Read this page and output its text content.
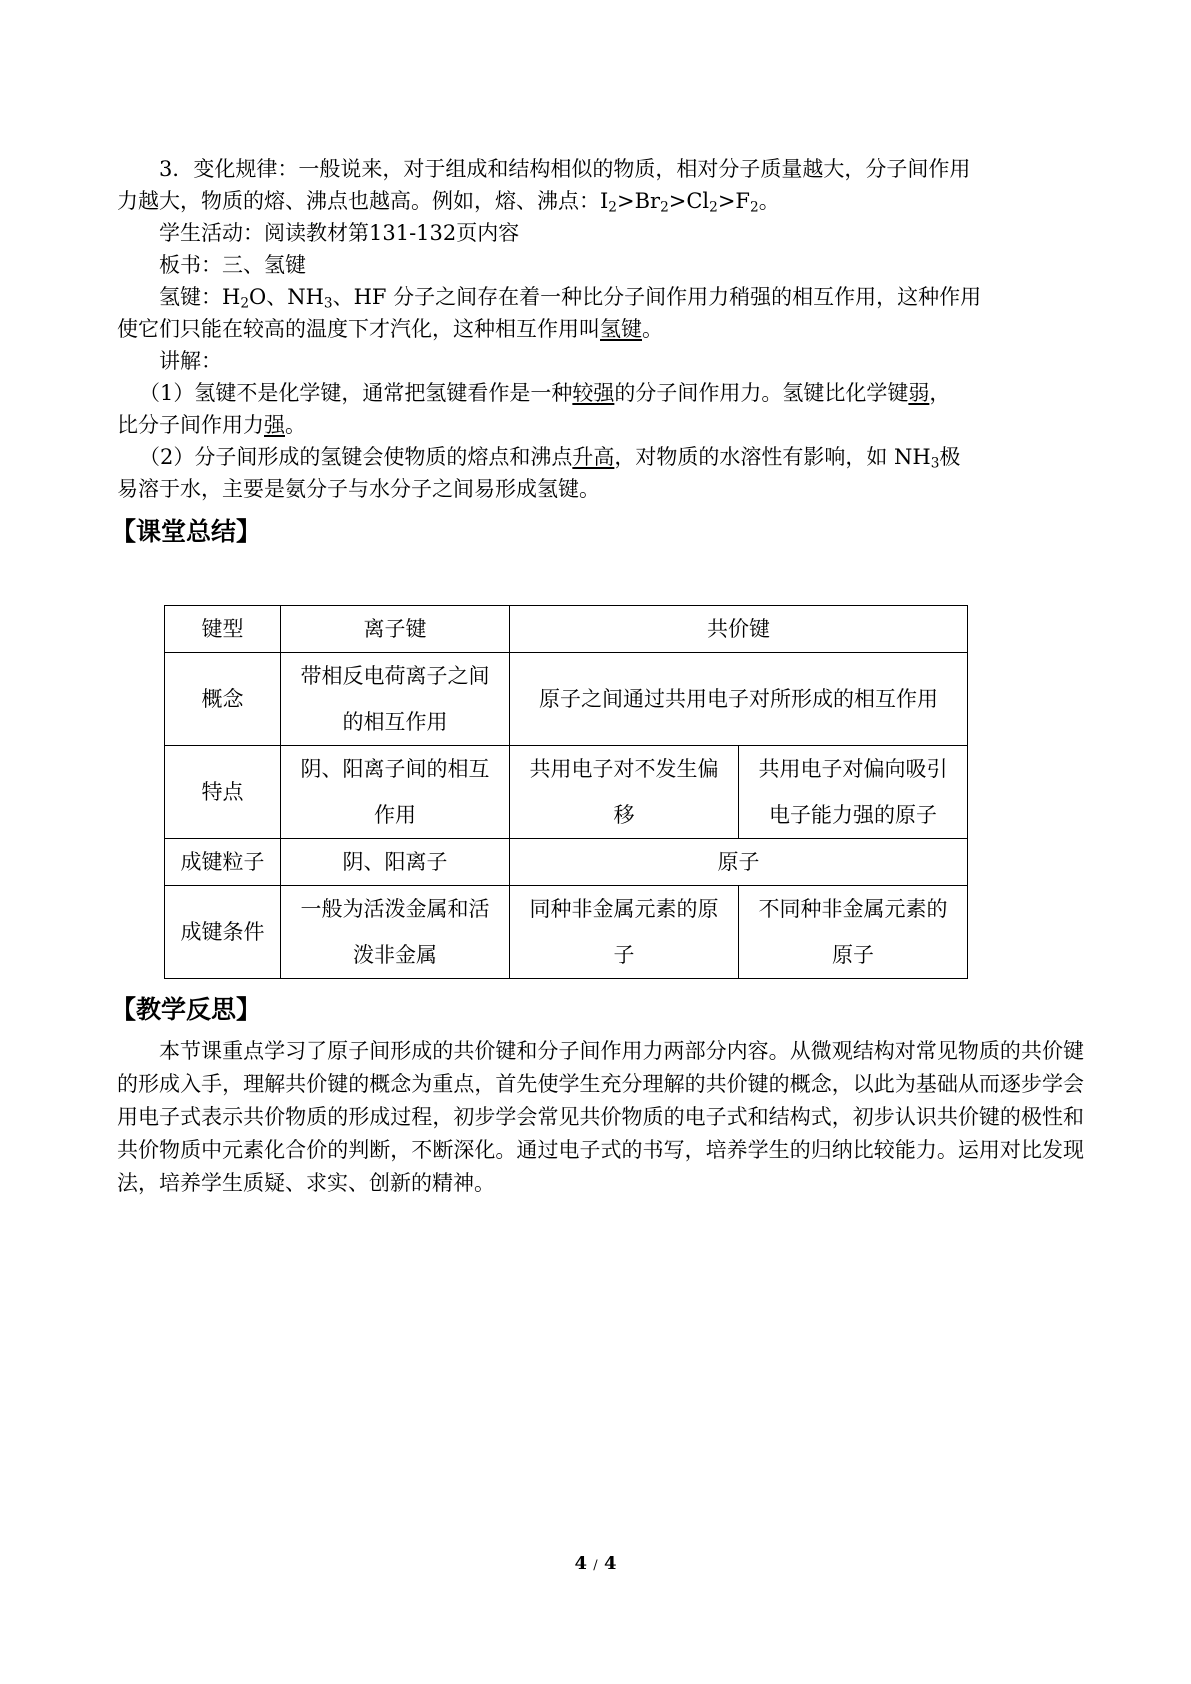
3．变化规律：一般说来，对于组成和结构相似的物质，相对分子质量越大，分子间作用
力越大，物质的熔、沸点也越高。例如，熔、沸点：$I_2>Br_2>Cl_2>F_2$。

学生活动：阅读教材第131-132页内容

板书：三、氢键

氢键：$H_2O$、$NH_3$、HF 分子之间存在着一种比分子间作用力稍强的相互作用，这种作用
使它们只能在较高的温度下才汽化，这种相互作用叫氢键。

讲解：

（1）氢键不是化学键，通常把氢键看作是一种较强的分子间作用力。氢键比化学键弱，

比分子间作用力强。

（2）分子间形成的氢键会使物质的熔点和沸点升高，对物质的水溶性有影响，如 $NH_3$极

易溶于水，主要是氨分子与水分子之间易形成氢键。

【课堂总结】

键型	离子键	共价键	
概念	带相反电荷离子之间的相互作用	原子之间通过共用电子对所形成的相互作用	
特点	阴、阳离子间的相互作用	共用电子对不发生偏移	共用电子对偏向吸引电子能力强的原子
成键粒子	阴、阳离子	原子	
成键条件	一般为活泼金属和活泼非金属	同种非金属元素的原子	不同种非金属元素的原子

【教学反思】

本节课重点学习了原子间形成的共价键和分子间作用力两部分内容。从微观结构对常见物质的共价键的形成入手，理解共价键的概念为重点，首先使学生充分理解的共价键的概念，以此为基础从而逐步学会用电子式表示共价物质的形成过程，初步学会常见共价物质的电子式和结构式，初步认识共价键的极性和共价物质中元素化合价的判断，不断深化。通过电子式的书写，培养学生的归纳比较能力。运用对比发现法，培养学生质疑、求实、创新的精神。

4 / 4
